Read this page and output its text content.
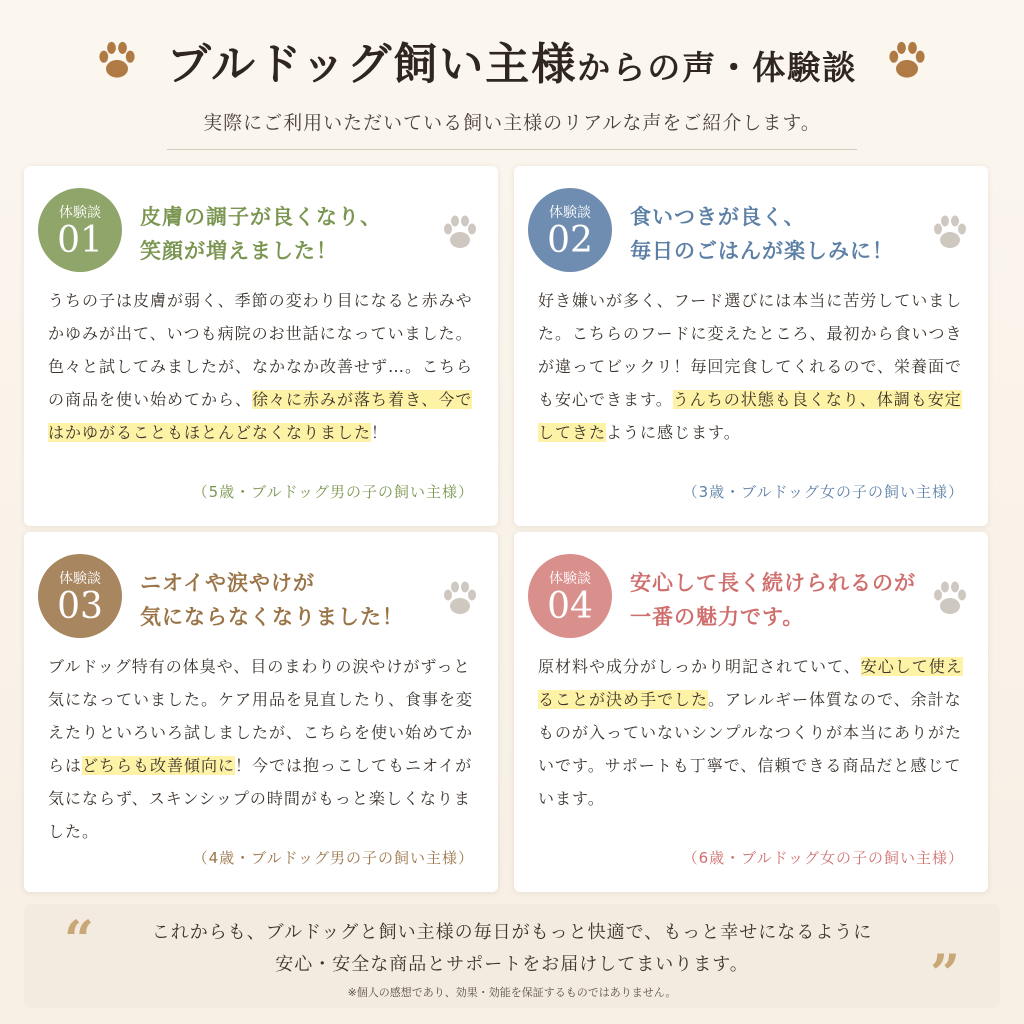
ブルドッグ飼い主様からの声・体験談
実際にご利用いただいている飼い主様のリアルな声をご紹介します。
体験談
01
皮膚の調子が良くなり、
笑顔が増えました！
うちの子は皮膚が弱く、季節の変わり目になると赤みやかゆみが出て、いつも病院のお世話になっていました。色々と試してみましたが、なかなか改善せず…。こちらの商品を使い始めてから、徐々に赤みが落ち着き、今ではかゆがることもほとんどなくなりました！
（5歳・ブルドッグ男の子の飼い主様）
体験談
02
食いつきが良く、
毎日のごはんが楽しみに！
好き嫌いが多く、フード選びには本当に苦労していました。こちらのフードに変えたところ、最初から食いつきが違ってビックリ！毎回完食してくれるので、栄養面でも安心できます。うんちの状態も良くなり、体調も安定してきたように感じます。
（3歳・ブルドッグ女の子の飼い主様）
体験談
03
ニオイや涙やけが
気にならなくなりました！
ブルドッグ特有の体臭や、目のまわりの涙やけがずっと気になっていました。ケア用品を見直したり、食事を変えたりといろいろ試しましたが、こちらを使い始めてからはどちらも改善傾向に！今では抱っこしてもニオイが気にならず、スキンシップの時間がもっと楽しくなりました。
（4歳・ブルドッグ男の子の飼い主様）
体験談
04
安心して長く続けられるのが
一番の魅力です。
原材料や成分がしっかり明記されていて、安心して使えることが決め手でした。アレルギー体質なので、余計なものが入っていないシンプルなつくりが本当にありがたいです。サポートも丁寧で、信頼できる商品だと感じています。
（6歳・ブルドッグ女の子の飼い主様）
“	これからも、ブルドッグと飼い主様の毎日がもっと快適で、もっと幸せになるように
安心・安全な商品とサポートをお届けしてまいります。
※個人の感想であり、効果・効能を保証するものではありません。	”
